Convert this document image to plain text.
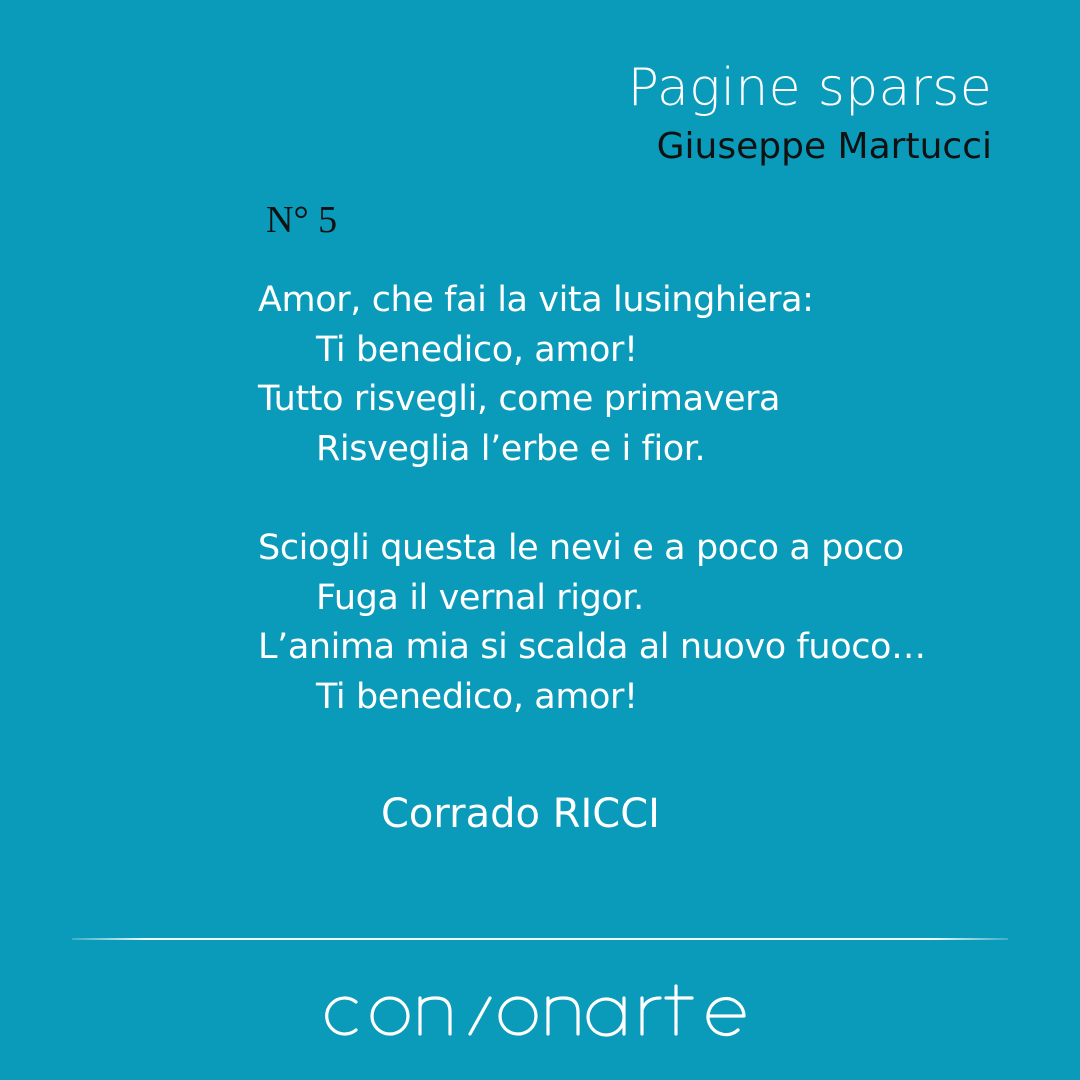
Pagine sparse
Giuseppe Martucci
N° 5
Amor, che fai la vita lusinghiera:
Ti benedico, amor!
Tutto risvegli, come primavera
Risveglia l’erbe e i fior.
Sciogli questa le nevi e a poco a poco
Fuga il vernal rigor.
L’anima mia si scalda al nuovo fuoco…
Ti benedico, amor!
Corrado RICCI
